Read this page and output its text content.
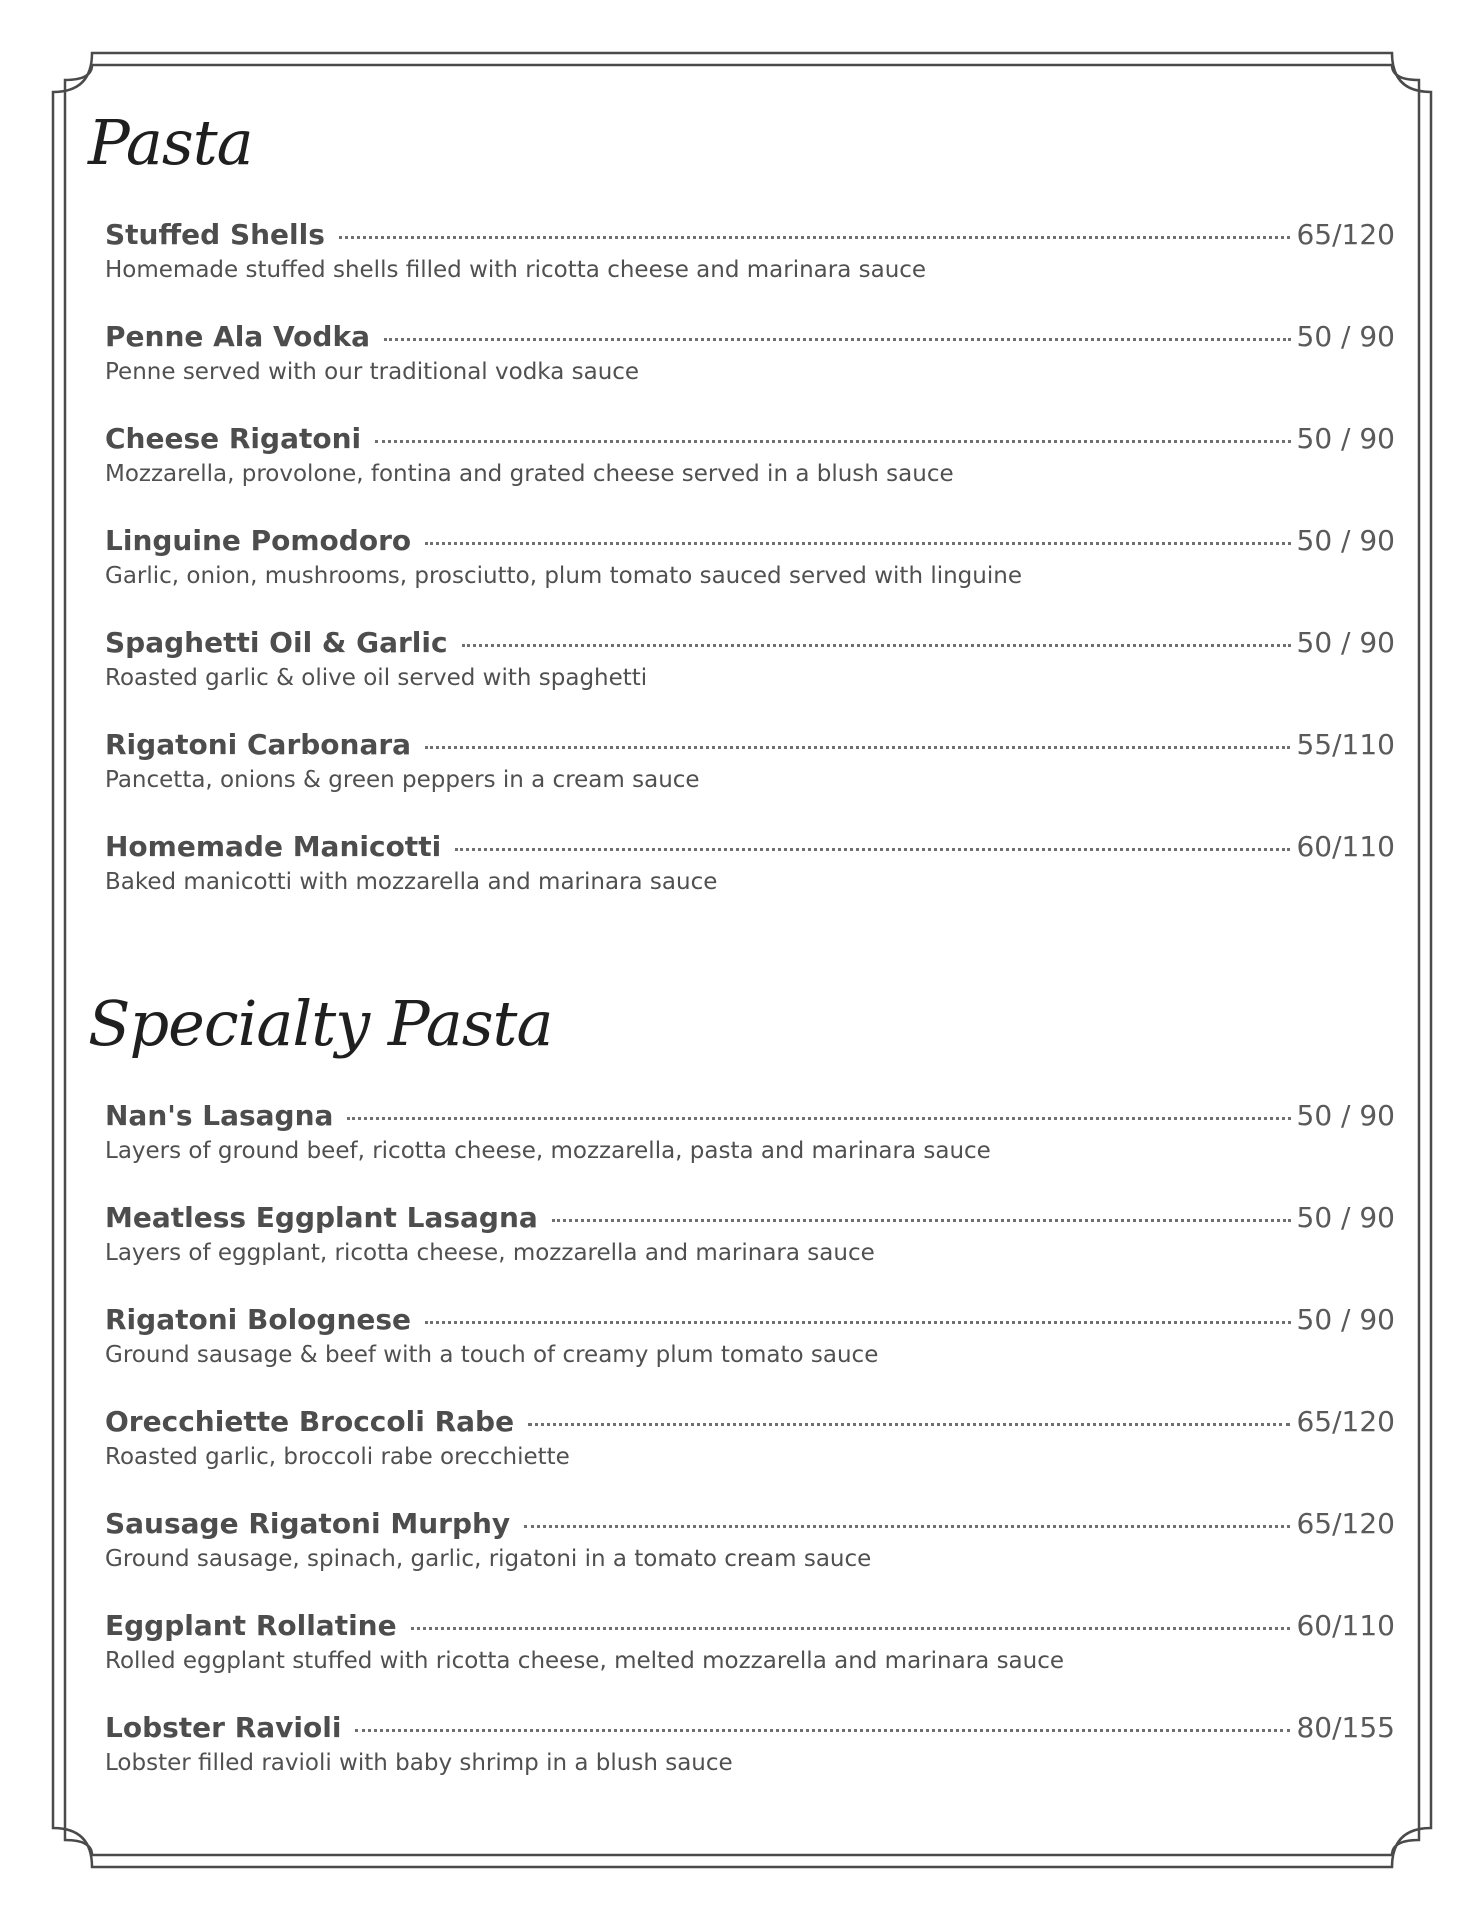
Pasta
Stuffed Shells	65/120
Homemade stuffed shells filled with ricotta cheese and marinara sauce
Penne Ala Vodka	50 / 90
Penne served with our traditional vodka sauce
Cheese Rigatoni	50 / 90
Mozzarella, provolone, fontina and grated cheese served in a blush sauce
Linguine Pomodoro	50 / 90
Garlic, onion, mushrooms, prosciutto, plum tomato sauced served with linguine
Spaghetti Oil & Garlic	50 / 90
Roasted garlic & olive oil served with spaghetti
Rigatoni Carbonara	55/110
Pancetta, onions & green peppers in a cream sauce
Homemade Manicotti	60/110
Baked manicotti with mozzarella and marinara sauce
Specialty Pasta
Nan's Lasagna	50 / 90
Layers of ground beef, ricotta cheese, mozzarella, pasta and marinara sauce
Meatless Eggplant Lasagna	50 / 90
Layers of eggplant, ricotta cheese, mozzarella and marinara sauce
Rigatoni Bolognese	50 / 90
Ground sausage & beef with a touch of creamy plum tomato sauce
Orecchiette Broccoli Rabe	65/120
Roasted garlic, broccoli rabe orecchiette
Sausage Rigatoni Murphy	65/120
Ground sausage, spinach, garlic, rigatoni in a tomato cream sauce
Eggplant Rollatine	60/110
Rolled eggplant stuffed with ricotta cheese, melted mozzarella and marinara sauce
Lobster Ravioli	80/155
Lobster filled ravioli with baby shrimp in a blush sauce
